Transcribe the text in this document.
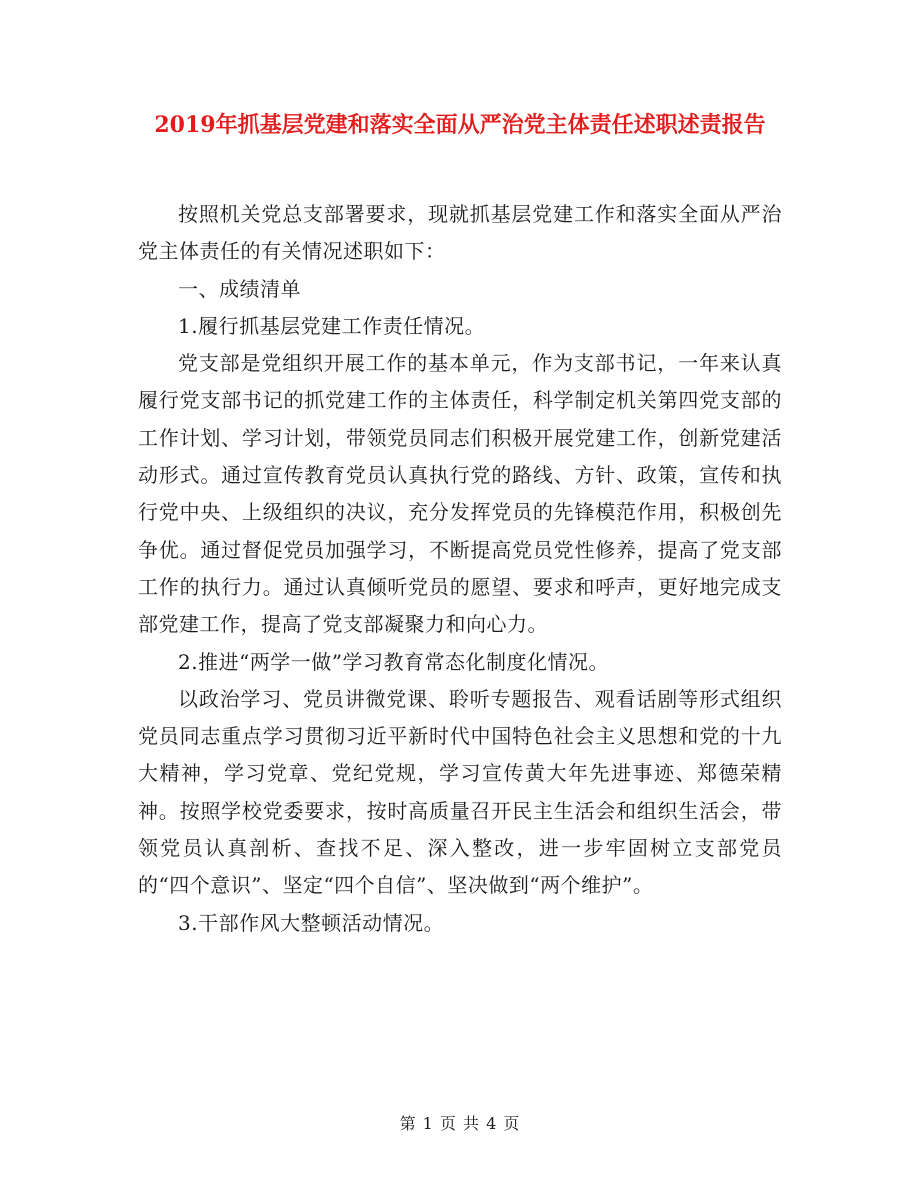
2019年抓基层党建和落实全面从严治党主体责任述职述责报告

按照机关党总支部署要求，现就抓基层党建工作和落实全面从严治党主体责任的有关情况述职如下：

一、成绩清单

1.履行抓基层党建工作责任情况。

党支部是党组织开展工作的基本单元，作为支部书记，一年来认真履行党支部书记的抓党建工作的主体责任，科学制定机关第四党支部的工作计划、学习计划，带领党员同志们积极开展党建工作，创新党建活动形式。通过宣传教育党员认真执行党的路线、方针、政策，宣传和执行党中央、上级组织的决议，充分发挥党员的先锋模范作用，积极创先争优。通过督促党员加强学习，不断提高党员党性修养，提高了党支部工作的执行力。通过认真倾听党员的愿望、要求和呼声，更好地完成支部党建工作，提高了党支部凝聚力和向心力。

2.推进“两学一做”学习教育常态化制度化情况。

以政治学习、党员讲微党课、聆听专题报告、观看话剧等形式组织党员同志重点学习贯彻习近平新时代中国特色社会主义思想和党的十九大精神，学习党章、党纪党规，学习宣传黄大年先进事迹、郑德荣精神。按照学校党委要求，按时高质量召开民主生活会和组织生活会，带领党员认真剖析、查找不足、深入整改，进一步牢固树立支部党员的“四个意识”、坚定“四个自信”、坚决做到“两个维护”。

3.干部作风大整顿活动情况。

第 1 页 共 4 页
